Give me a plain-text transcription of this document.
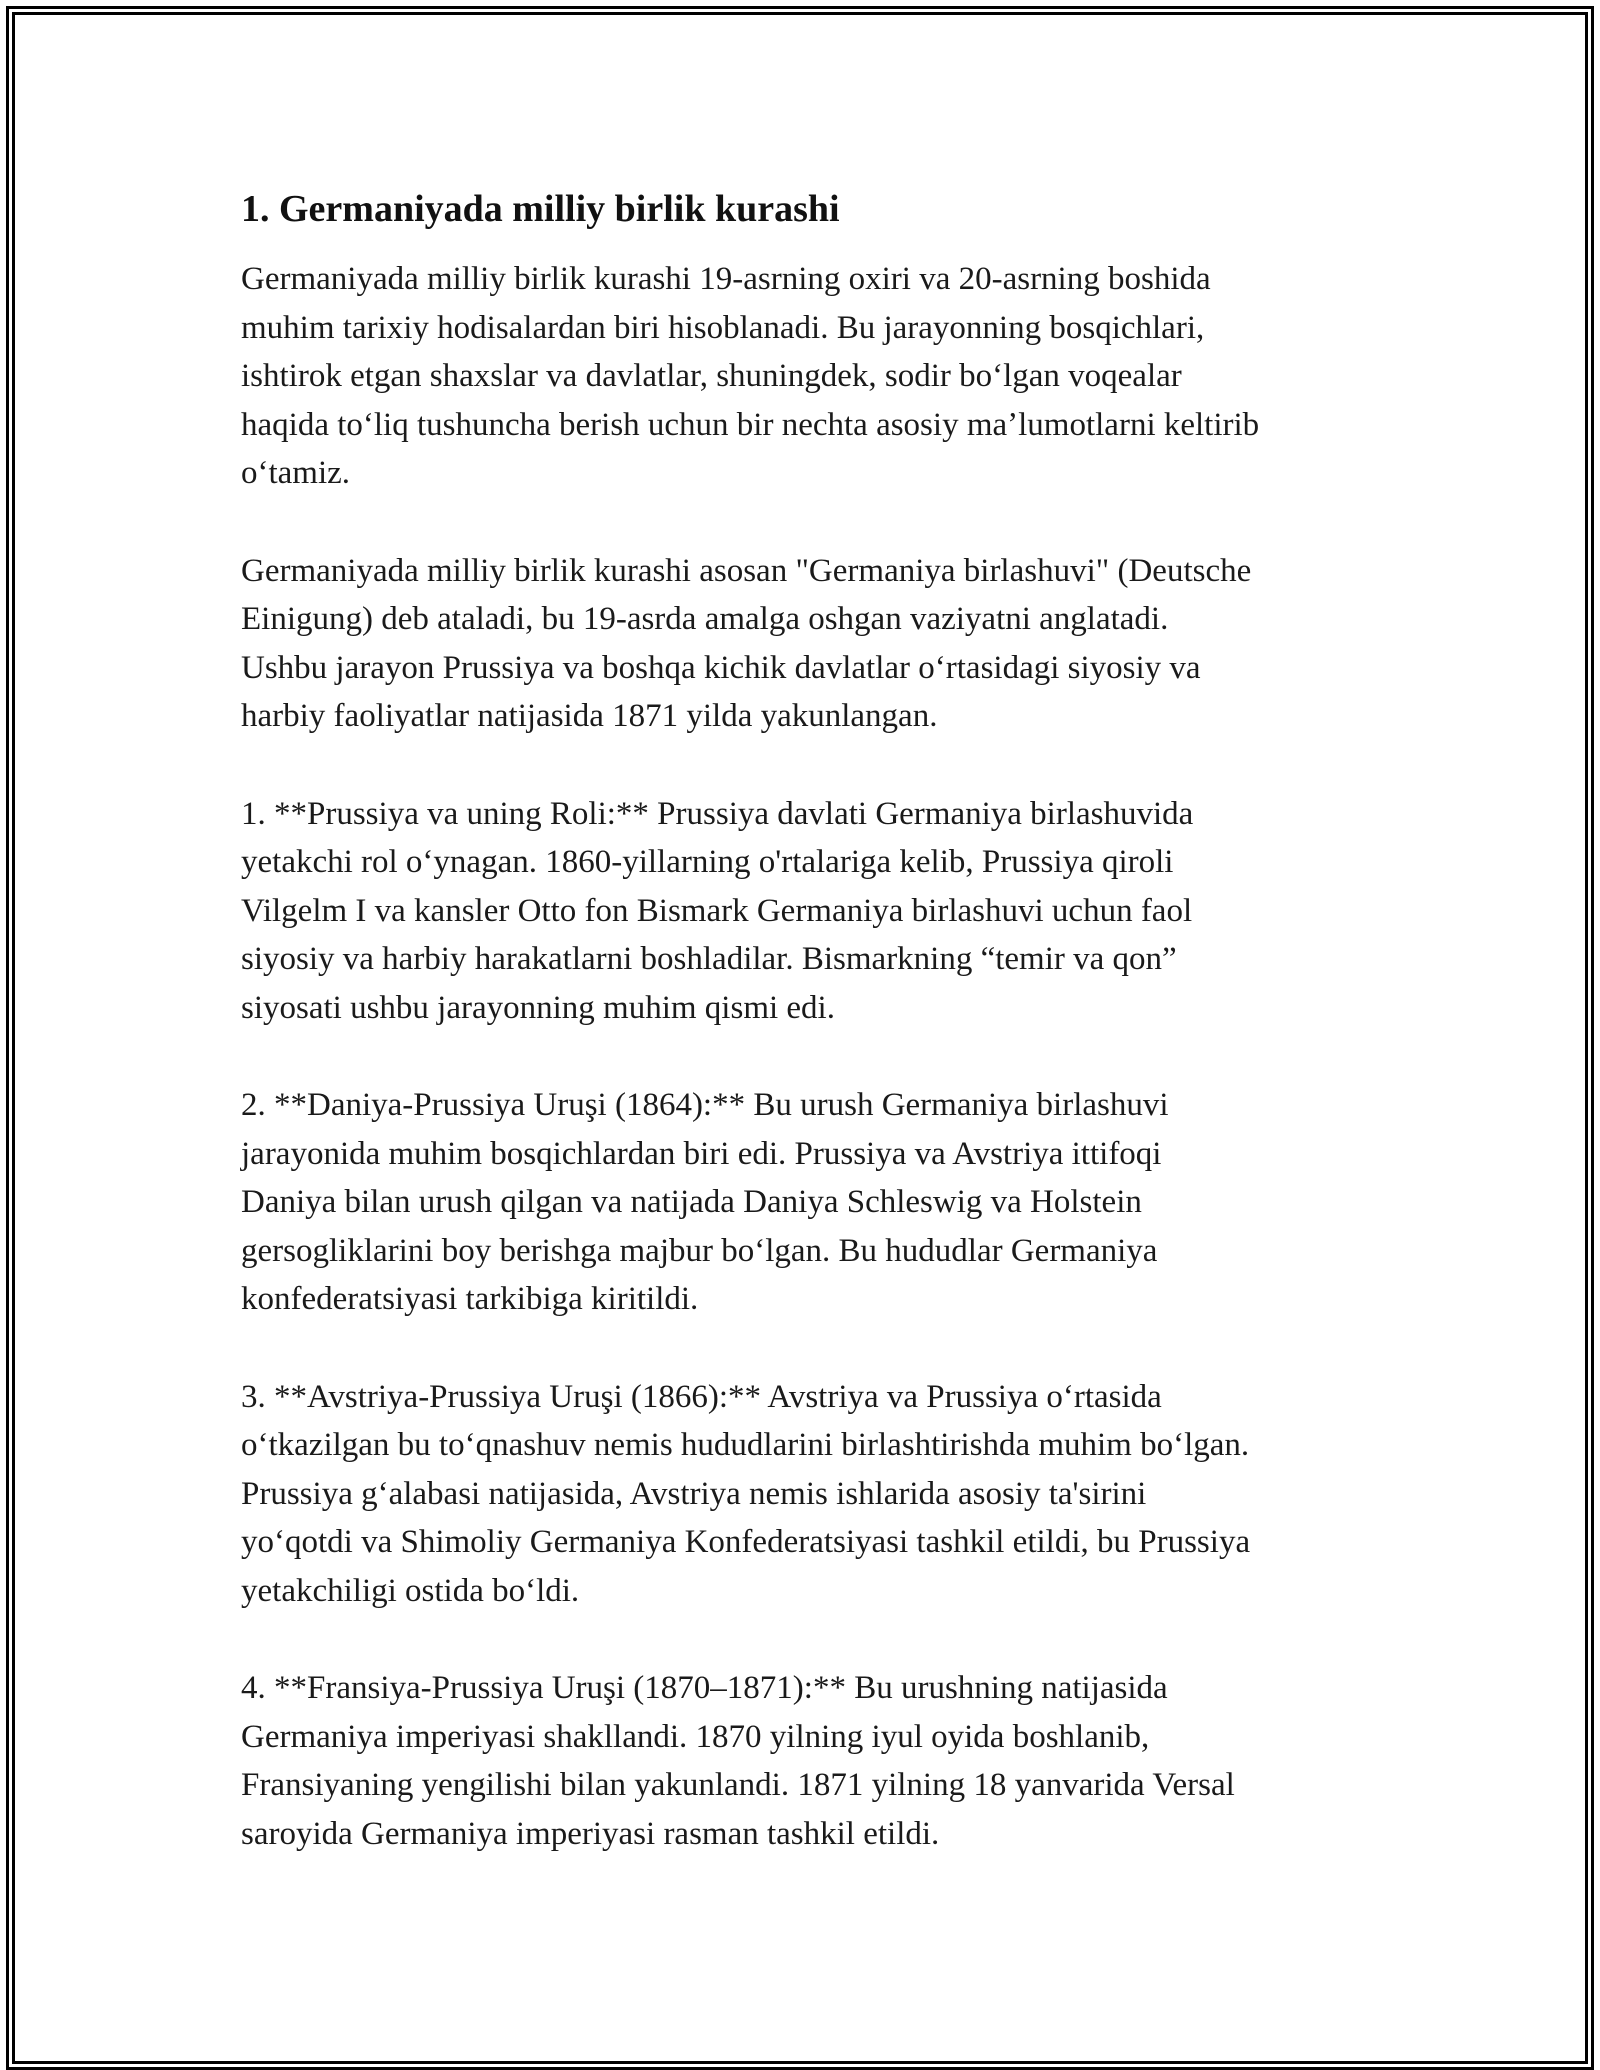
1. Germaniyada milliy birlik kurashi

Germaniyada milliy birlik kurashi 19-asrning oxiri va 20-asrning boshida
muhim tarixiy hodisalardan biri hisoblanadi. Bu jarayonning bosqichlari,
ishtirok etgan shaxslar va davlatlar, shuningdek, sodir boʻlgan voqealar
haqida toʻliq tushuncha berish uchun bir nechta asosiy maʼlumotlarni keltirib
oʻtamiz.

Germaniyada milliy birlik kurashi asosan "Germaniya birlashuvi" (Deutsche
Einigung) deb ataladi, bu 19-asrda amalga oshgan vaziyatni anglatadi.
Ushbu jarayon Prussiya va boshqa kichik davlatlar oʻrtasidagi siyosiy va
harbiy faoliyatlar natijasida 1871 yilda yakunlangan.

1. **Prussiya va uning Roli:** Prussiya davlati Germaniya birlashuvida
yetakchi rol oʻynagan. 1860-yillarning o'rtalariga kelib, Prussiya qiroli
Vilgelm I va kansler Otto fon Bismark Germaniya birlashuvi uchun faol
siyosiy va harbiy harakatlarni boshladilar. Bismarkning “temir va qon”
siyosati ushbu jarayonning muhim qismi edi.

2. **Daniya-Prussiya Uruşi (1864):** Bu urush Germaniya birlashuvi
jarayonida muhim bosqichlardan biri edi. Prussiya va Avstriya ittifoqi
Daniya bilan urush qilgan va natijada Daniya Schleswig va Holstein
gersogliklarini boy berishga majbur boʻlgan. Bu hududlar Germaniya
konfederatsiyasi tarkibiga kiritildi.

3. **Avstriya-Prussiya Uruşi (1866):** Avstriya va Prussiya oʻrtasida
oʻtkazilgan bu toʻqnashuv nemis hududlarini birlashtirishda muhim boʻlgan.
Prussiya gʻalabasi natijasida, Avstriya nemis ishlarida asosiy ta'sirini
yoʻqotdi va Shimoliy Germaniya Konfederatsiyasi tashkil etildi, bu Prussiya
yetakchiligi ostida boʻldi.

4. **Fransiya-Prussiya Uruşi (1870–1871):** Bu urushning natijasida
Germaniya imperiyasi shakllandi. 1870 yilning iyul oyida boshlanib,
Fransiyaning yengilishi bilan yakunlandi. 1871 yilning 18 yanvarida Versal
saroyida Germaniya imperiyasi rasman tashkil etildi.
